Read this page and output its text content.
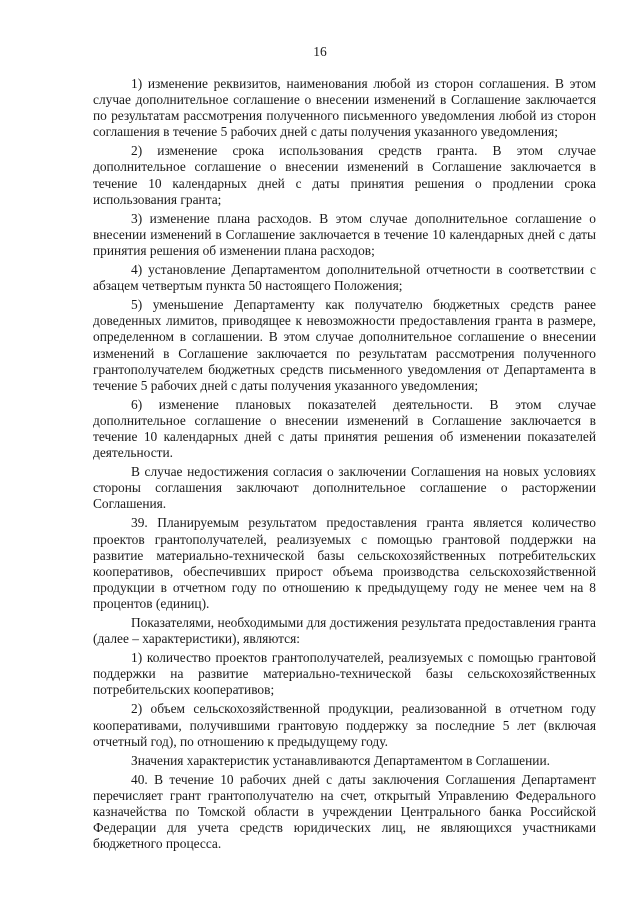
16

1) изменение реквизитов, наименования любой из сторон соглашения. В этом случае дополнительное соглашение о внесении изменений в Соглашение заключается по результатам рассмотрения полученного письменного уведомления любой из сторон соглашения в течение 5 рабочих дней с даты получения указанного уведомления;

2) изменение срока использования средств гранта. В этом случае дополнительное соглашение о внесении изменений в Соглашение заключается в течение 10 календарных дней с даты принятия решения о продлении срока использования гранта;

3) изменение плана расходов. В этом случае дополнительное соглашение о внесении изменений в Соглашение заключается в течение 10 календарных дней с даты принятия решения об изменении плана расходов;

4) установление Департаментом дополнительной отчетности в соответствии с абзацем четвертым пункта 50 настоящего Положения;

5) уменьшение Департаменту как получателю бюджетных средств ранее доведенных лимитов, приводящее к невозможности предоставления гранта в размере, определенном в соглашении. В этом случае дополнительное соглашение о внесении изменений в Соглашение заключается по результатам рассмотрения полученного грантополучателем бюджетных средств письменного уведомления от Департамента в течение 5 рабочих дней с даты получения указанного уведомления;

6) изменение плановых показателей деятельности. В этом случае дополнительное соглашение о внесении изменений в Соглашение заключается в течение 10 календарных дней с даты принятия решения об изменении показателей деятельности.

В случае недостижения согласия о заключении Соглашения на новых условиях стороны соглашения заключают дополнительное соглашение о расторжении Соглашения.

39. Планируемым результатом предоставления гранта является количество проектов грантополучателей, реализуемых с помощью грантовой поддержки на развитие материально-технической базы сельскохозяйственных потребительских кооперативов, обеспечивших прирост объема производства сельскохозяйственной продукции в отчетном году по отношению к предыдущему году не менее чем на 8 процентов (единиц).

Показателями, необходимыми для достижения результата предоставления гранта (далее – характеристики), являются:

1) количество проектов грантополучателей, реализуемых с помощью грантовой поддержки на развитие материально-технической базы сельскохозяйственных потребительских кооперативов;

2) объем сельскохозяйственной продукции, реализованной в отчетном году кооперативами, получившими грантовую поддержку за последние 5 лет (включая отчетный год), по отношению к предыдущему году.

Значения характеристик устанавливаются Департаментом в Соглашении.

40. В течение 10 рабочих дней с даты заключения Соглашения Департамент перечисляет грант грантополучателю на счет, открытый Управлению Федерального казначейства по Томской области в учреждении Центрального банка Российской Федерации для учета средств юридических лиц, не являющихся участниками бюджетного процесса.
